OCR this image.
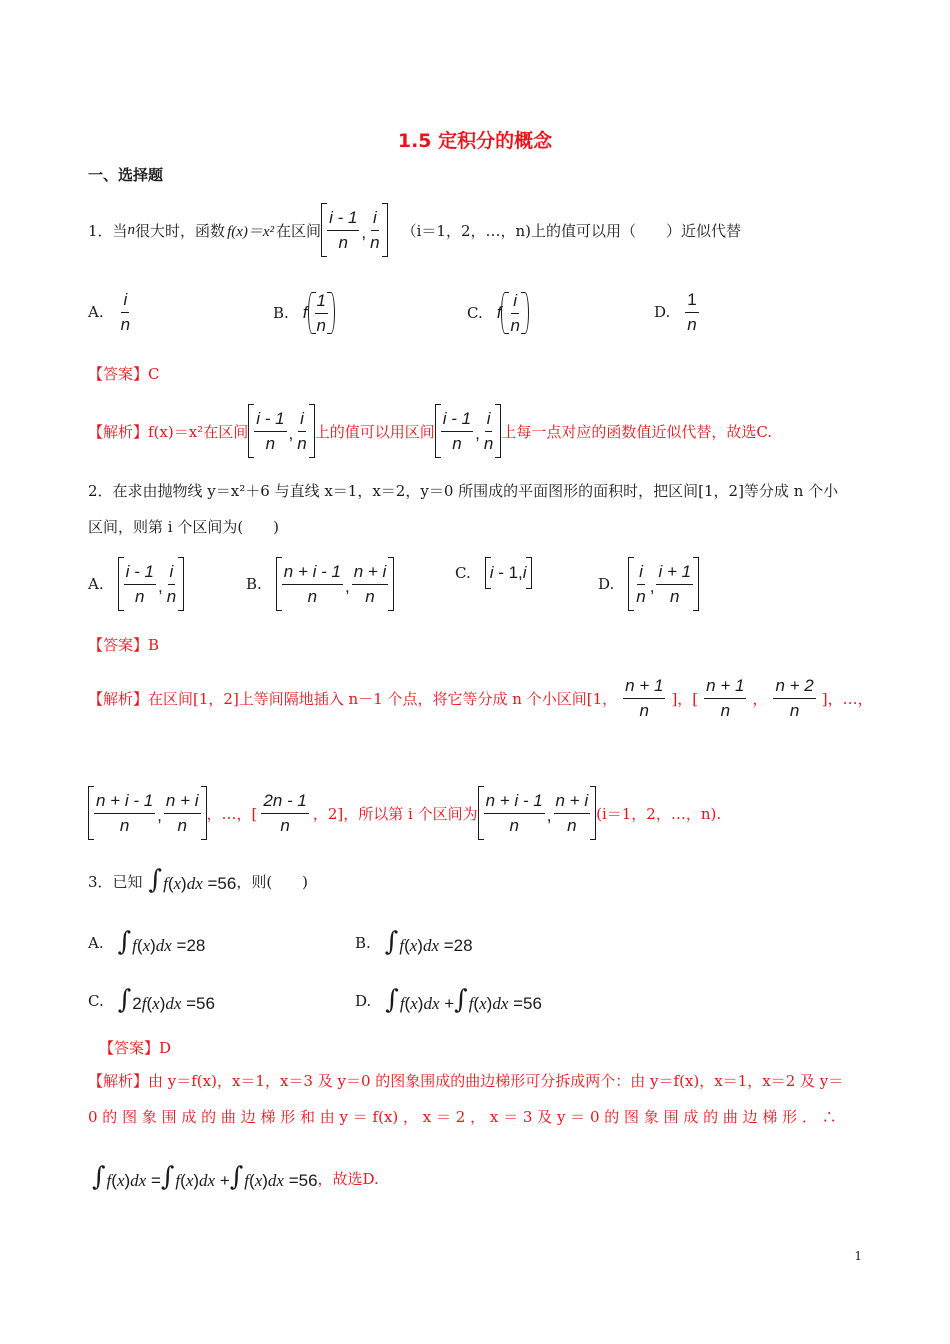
1.5 定积分的概念
一、选择题
1．当 n 很大时，函数 f(x)＝x² 在区间 $\frac{i - 1}{n}$ , $\frac{i}{n} (i=1$，2，…，n)上的值可以用（　　）近似代替
A. $\frac{i}{n}$	B. f $\frac{1}{n}$	C. f $\frac{i}{n}$	D. $\frac{1}{n}$
【答案】C
【解析】f(x)＝x²在区间 $\frac{i - 1}{n}$ , $\frac{i}{n}$ 上的值可以用区间 $\frac{i - 1}{n}$ , $\frac{i}{n}$ 上每一点对应的函数值近似代替，故选C.
2．在求由抛物线 y＝x²＋6 与直线 x＝1，x＝2，y＝0 所围成的平面图形的面积时，把区间[1，2]等分成 n 个小
区间，则第 i 个区间为(　　)
A. $\frac{i - 1}{n}$ , $\frac{i}{n}$	B. $\frac{n + i - 1}{n}$ , $\frac{n + i}{n}$	C. i - 1, i
D. $\frac{i}{n}$ , $\frac{i + 1}{n}$
【答案】B
【解析】在区间[1，2]上等间隔地插入 n－1 个点，将它等分成 n 个小区间[1， $\frac{n + 1}{n}$ ]，[ $\frac{n + 1}{n}$ ， $\frac{n + 2}{n}$ ]，…，
$\frac{n + i - 1}{n}$ , $\frac{n + i}{n}$ ，…，[ $\frac{2n - 1}{n}$ ，2]，所以第 i 个区间为 $\frac{n + i - 1}{n}$ , $\frac{n + i}{n} (i=1$，2，…，n).
3．已知 ∫f(x)dx =56 ，则(　　)
A. ∫f(x)dx =28	B. ∫f(x)dx =28
C. ∫2f(x)dx =56	D. ∫f(x)dx +∫f(x)dx =56
【答案】D
【解析】由 y＝f(x)，x＝1，x＝3 及 y＝0 的图象围成的曲边梯形可分拆成两个：由 y＝f(x)，x＝1，x＝2 及 y＝
0 的 图 象 围 成 的 曲 边 梯 形 和 由 y ＝ f(x) ， x ＝ 2 ， x ＝ 3 及 y ＝ 0 的 图 象 围 成 的 曲 边 梯 形 ． ∴
∫f(x)dx =∫f(x)dx +∫f(x)dx =56 ，故选D.
1
